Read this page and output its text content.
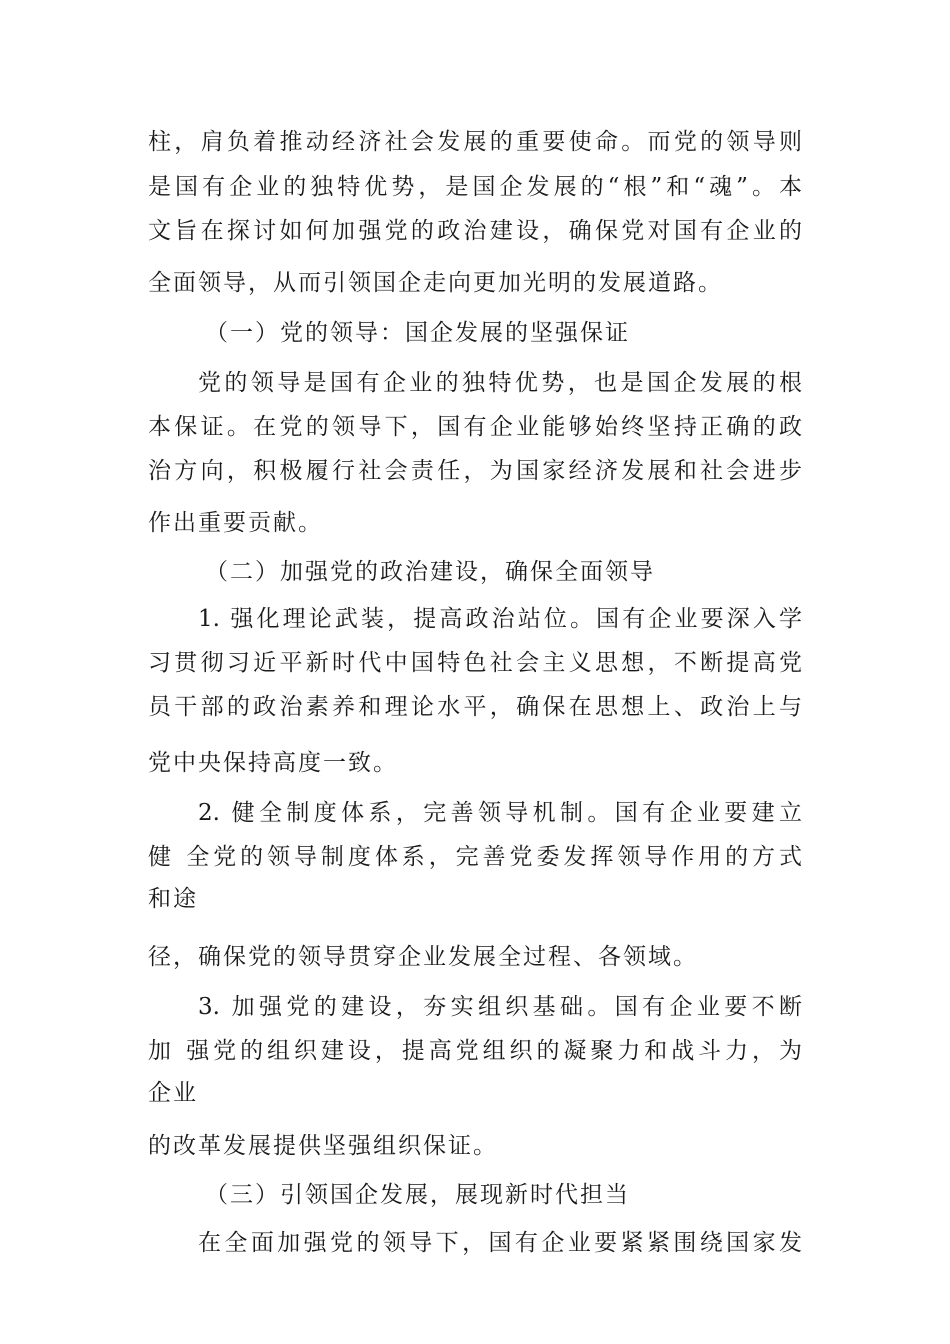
柱，肩负着推动经济社会发展的重要使命。而党的领导则
是国有企业的独特优势，是国企发展的“根”和“魂”。本
文旨在探讨如何加强党的政治建设，确保党对国有企业的
全面领导，从而引领国企走向更加光明的发展道路。
（一）党的领导：国企发展的坚强保证
党的领导是国有企业的独特优势，也是国企发展的根
本保证。在党的领导下，国有企业能够始终坚持正确的政
治方向，积极履行社会责任，为国家经济发展和社会进步
作出重要贡献。
（二）加强党的政治建设，确保全面领导
1. 强化理论武装，提高政治站位。国有企业要深入学
习贯彻习近平新时代中国特色社会主义思想，不断提高党
员干部的政治素养和理论水平，确保在思想上、政治上与
党中央保持高度一致。
2. 健全制度体系，完善领导机制。国有企业要建立
健 全党的领导制度体系，完善党委发挥领导作用的方式
和途
径，确保党的领导贯穿企业发展全过程、各领域。
3. 加强党的建设，夯实组织基础。国有企业要不断
加 强党的组织建设，提高党组织的凝聚力和战斗力，为
企业
的改革发展提供坚强组织保证。
（三）引领国企发展，展现新时代担当
在全面加强党的领导下，国有企业要紧紧围绕国家发
